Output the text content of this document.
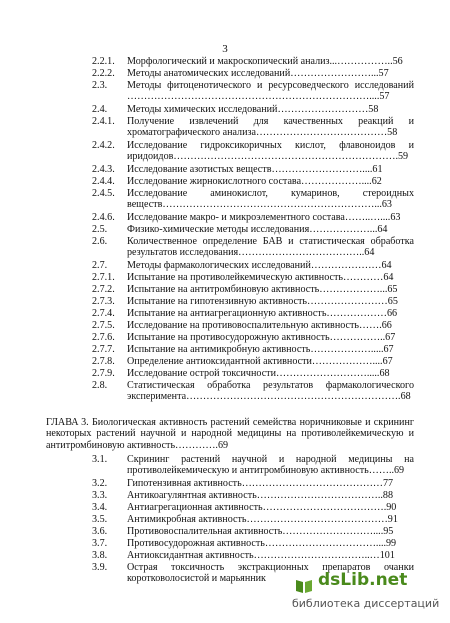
3
2.2.1. Морфологический и макроскопический анализ...……………..56
2.2.2. Методы анатомических исследований……………………...57
2.3. Методы фитоценотического и ресурсоведческого исследований ………………………………………………………………....57
2.4. Методы химических исследований………………………58
2.4.1. Получение извлечений для качественных реакций и хроматографического анализа…………………………………58
2.4.2. Исследование гидроксикоричных кислот, флавоноидов и иридоидов………………………………………………………….59
2.4.3. Исследование азотистых веществ………………………....61
2.4.4. Исследование жирнокислотного состава………………....62
2.4.5. Исследование аминокислот, кумаринов, стероидных веществ………………………………………………………...63
2.4.6. Исследование макро- и микроэлементного состава……..…....63
2.5. Физико-химические методы исследования………………...64
2.6. Количественное определение БАВ и статистическая обработка результатов исследования………………………………..64
2.7. Методы фармакологических исследований…………………64
2.7.1. Испытание на противолейкемическую активность…………64
2.7.2. Испытание на антитромбиновую активность………………...65
2.7.3. Испытание на гипотензивную активность……………………65
2.7.4. Испытание на антиагрегационную активность………………66
2.7.5. Исследование на противовоспалительную активность…….66
2.7.6. Испытание на противосудорожную активность……………..67
2.7.7. Испытание на антимикробную активность……………….....67
2.7.8. Определение антиоксидантной активности………………....67
2.7.9. Исследование острой токсичности……………………….....68
2.8. Статистическая обработка результатов фармакологического эксперимента……………………………………………………….68
ГЛАВА 3. Биологическая активность растений семейства норичниковые и скрининг некоторых растений научной и народной медицины на противолейкемическую и антитромбиновую активность………….69
3.1. Скрининг растений научной и народной медицины на противолейкемическую и антитромбиновую активность……..69
3.2. Гипотензивная активность……………………………………77
3.3. Антикоагулянтная активность………………………………..88
3.4. Антиагрегационная активность……………………………….90
3.5. Антимикробная активность……………………………………91
3.6. Противовоспалительная активность………………………....95
3.7. Противосудорожная активность……………………………....99
3.8. Антиоксидантная активность……………………………..…101
3.9. Острая токсичность экстракционных препаратов очанки коротковолосистой и марьянник	dsLib.net
библиотека диссертаций
